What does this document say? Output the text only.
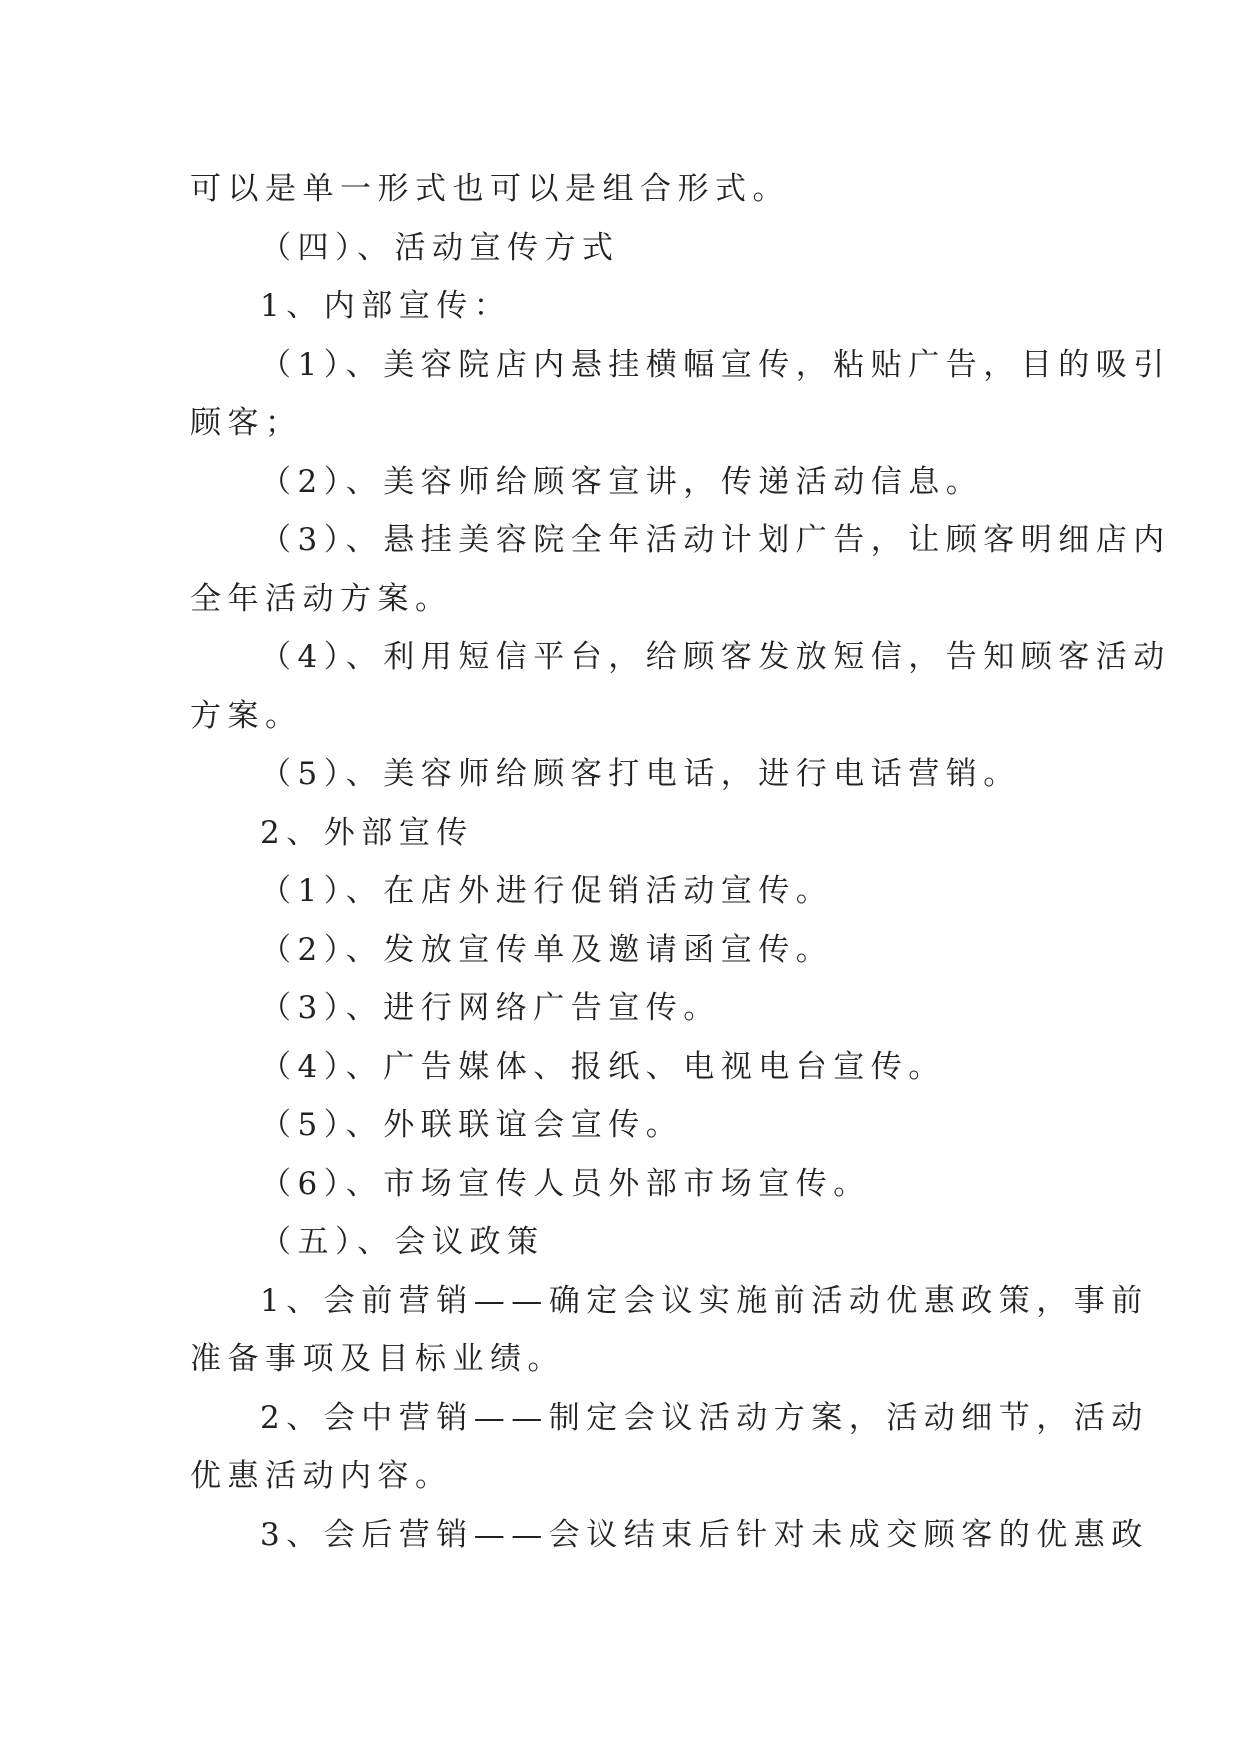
可以是单一形式也可以是组合形式。
（四）、活动宣传方式
1、内部宣传：
（1）、美容院店内悬挂横幅宣传，粘贴广告，目的吸引
顾客；
（2）、美容师给顾客宣讲，传递活动信息。
（3）、悬挂美容院全年活动计划广告，让顾客明细店内
全年活动方案。
（4）、利用短信平台，给顾客发放短信，告知顾客活动
方案。
（5）、美容师给顾客打电话，进行电话营销。
2、外部宣传
（1）、在店外进行促销活动宣传。
（2）、发放宣传单及邀请函宣传。
（3）、进行网络广告宣传。
（4）、广告媒体、报纸、电视电台宣传。
（5）、外联联谊会宣传。
（6）、市场宣传人员外部市场宣传。
（五）、会议政策
1、会前营销——确定会议实施前活动优惠政策，事前
准备事项及目标业绩。
2、会中营销——制定会议活动方案，活动细节，活动
优惠活动内容。
3、会后营销——会议结束后针对未成交顾客的优惠政
